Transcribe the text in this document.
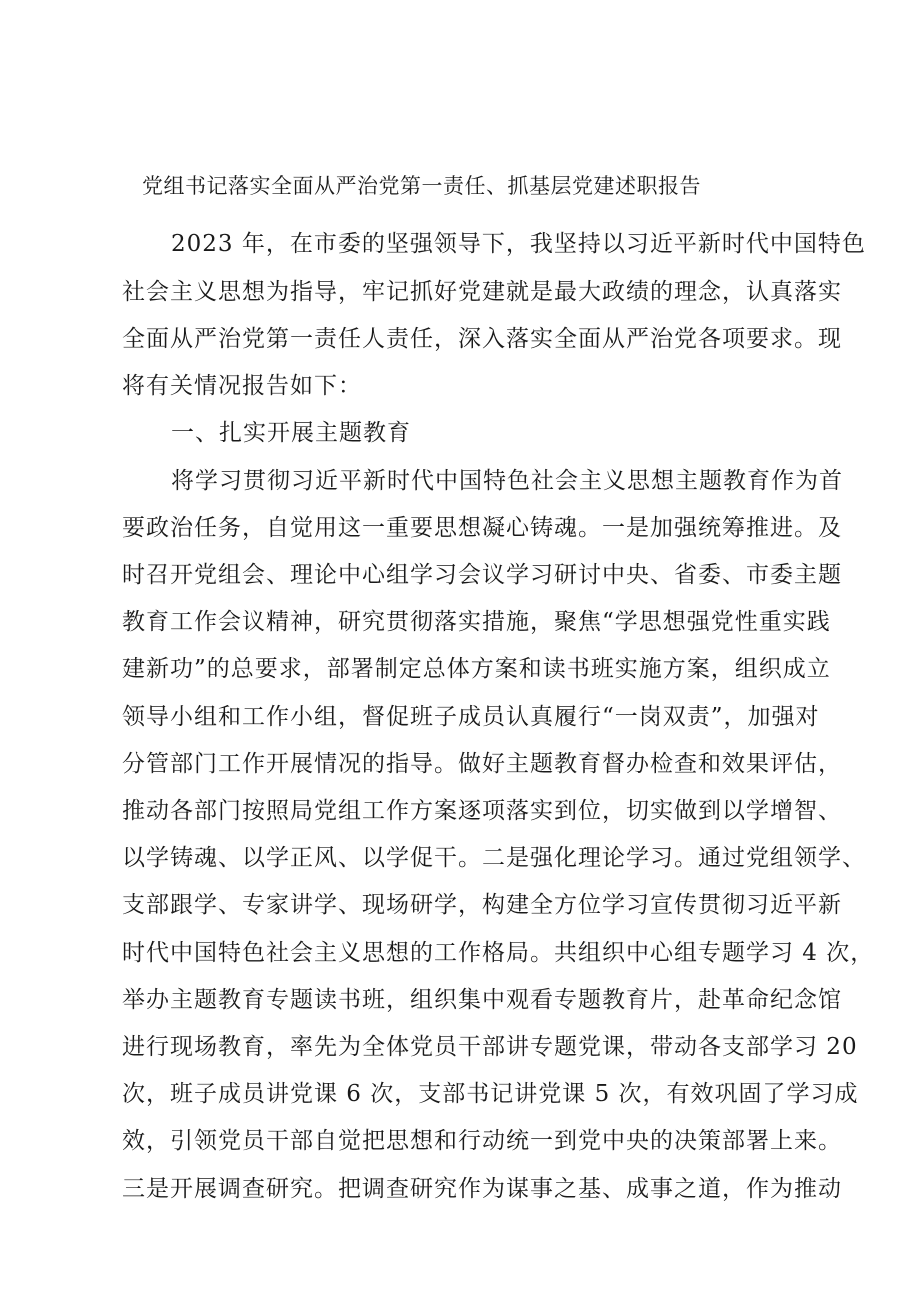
党组书记落实全面从严治党第一责任、抓基层党建述职报告
2023 年，在市委的坚强领导下，我坚持以习近平新时代中国特色
社会主义思想为指导，牢记抓好党建就是最大政绩的理念，认真落实
全面从严治党第一责任人责任，深入落实全面从严治党各项要求。现
将有关情况报告如下：
一、扎实开展主题教育
将学习贯彻习近平新时代中国特色社会主义思想主题教育作为首
要政治任务，自觉用这一重要思想凝心铸魂。一是加强统筹推进。及
时召开党组会、理论中心组学习会议学习研讨中央、省委、市委主题
教育工作会议精神，研究贯彻落实措施，聚焦“学思想强党性重实践
建新功”的总要求，部署制定总体方案和读书班实施方案，组织成立
领导小组和工作小组，督促班子成员认真履行“一岗双责”，加强对
分管部门工作开展情况的指导。做好主题教育督办检查和效果评估，
推动各部门按照局党组工作方案逐项落实到位，切实做到以学增智、
以学铸魂、以学正风、以学促干。二是强化理论学习。通过党组领学、
支部跟学、专家讲学、现场研学，构建全方位学习宣传贯彻习近平新
时代中国特色社会主义思想的工作格局。共组织中心组专题学习 4 次，
举办主题教育专题读书班，组织集中观看专题教育片，赴革命纪念馆
进行现场教育，率先为全体党员干部讲专题党课，带动各支部学习 20
次，班子成员讲党课 6 次，支部书记讲党课 5 次，有效巩固了学习成
效，引领党员干部自觉把思想和行动统一到党中央的决策部署上来。
三是开展调查研究。把调查研究作为谋事之基、成事之道，作为推动
